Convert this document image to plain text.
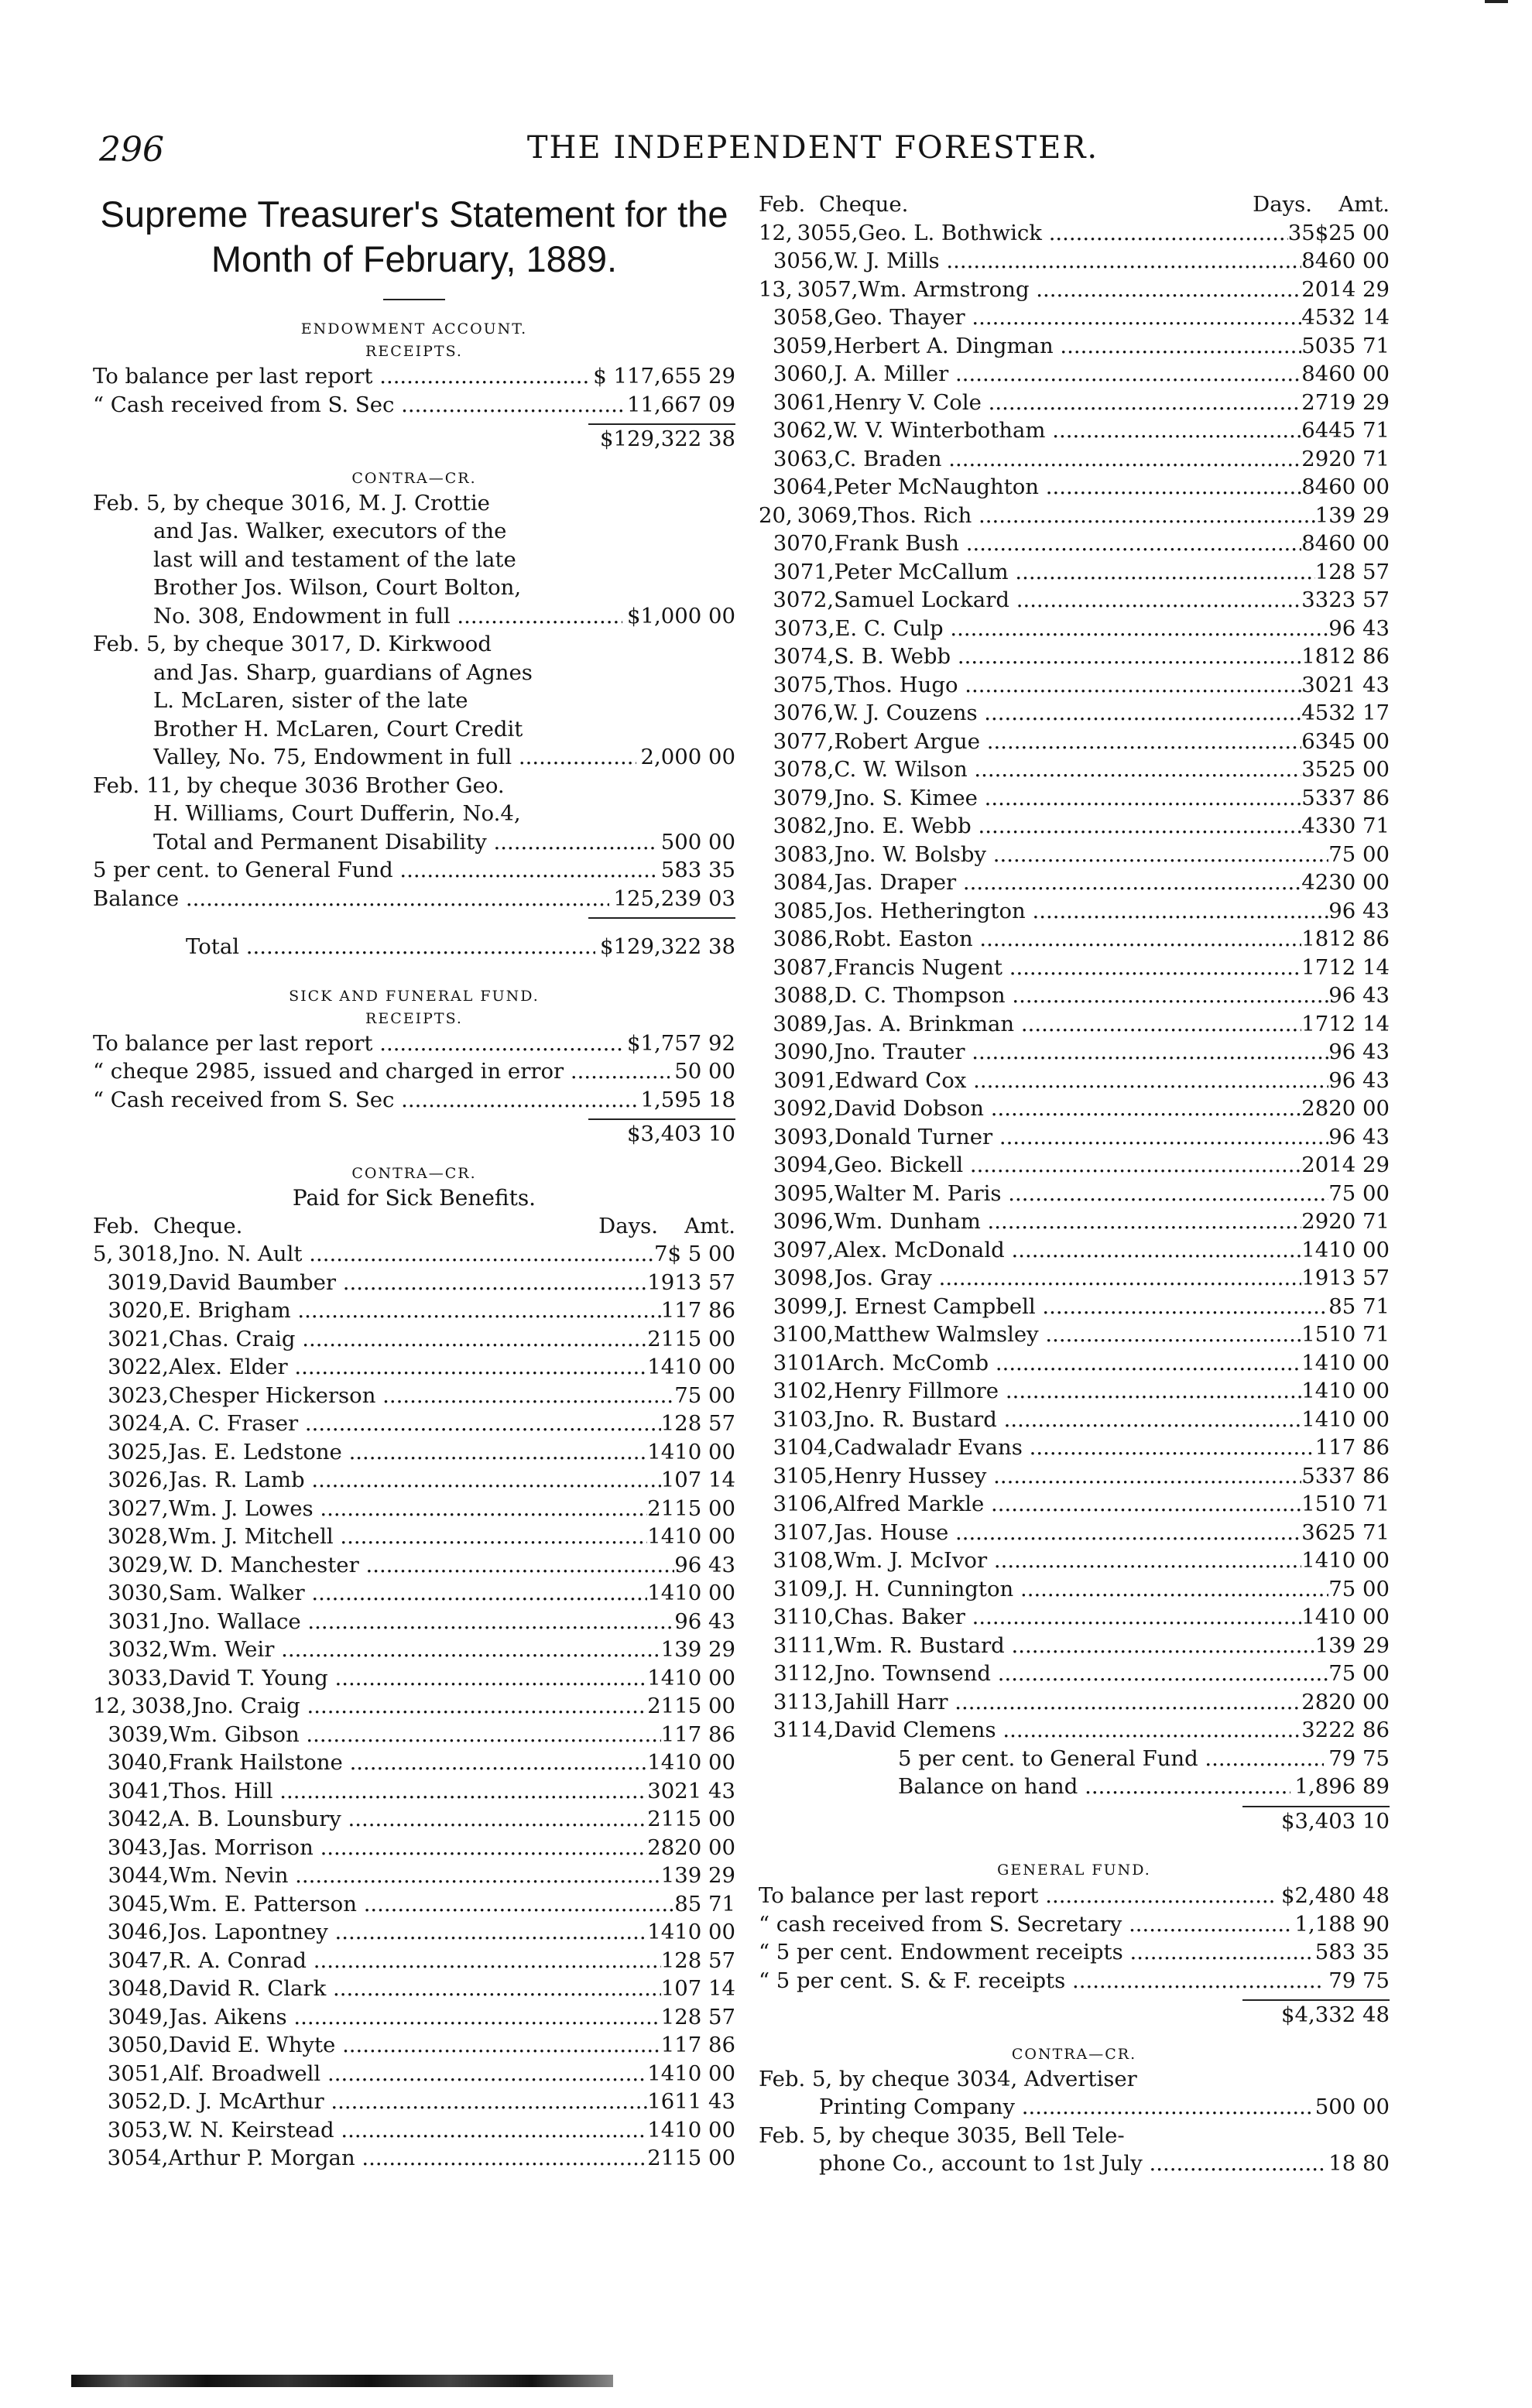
296	THE INDEPENDENT FORESTER.
Supreme Treasurer's Statement for the Month of February, 1889.
ENDOWMENT ACCOUNT.
RECEIPTS.
To balance per last report .....	$ 117,655 29
“ Cash received from S. Sec .....	11,667 09
$129,322 38
CONTRA—CR.
Feb. 5, by cheque 3016, M. J. Crottie
and Jas. Walker, executors of the
last will and testament of the late
Brother Jos. Wilson, Court Bolton,
No. 308, Endowment in full .....	$1,000 00
Feb. 5, by cheque 3017, D. Kirkwood
and Jas. Sharp, guardians of Agnes
L. McLaren, sister of the late
Brother H. McLaren, Court Credit
Valley, No. 75, Endowment in full .....	2,000 00
Feb. 11, by cheque 3036 Brother Geo.
H. Williams, Court Dufferin, No.4,
Total and Permanent Disability .....	500 00
5 per cent. to General Fund .....	583 35
Balance .....	125,239 03
Total .....	$129,322 38
SICK AND FUNERAL FUND.
RECEIPTS.
To balance per last report .....	$1,757 92
“ cheque 2985, issued and charged in error .....	50 00
“ Cash received from S. Sec .....	1,595 18
$3,403 10
CONTRA—CR.
Paid for Sick Benefits.
Feb. Cheque.	Days.	Amt.
5, 3018, Jno. N. Ault .....	7 $ 5 00
3019, David Baumber .....	19 13 57
3020, E. Brigham .....	11 7 86
3021, Chas. Craig .....	21 15 00
3022, Alex. Elder .....	14 10 00
3023, Chesper Hickerson .....	7 5 00
3024, A. C. Fraser .....	12 8 57
3025, Jas. E. Ledstone .....	14 10 00
3026, Jas. R. Lamb .....	10 7 14
3027, Wm. J. Lowes .....	21 15 00
3028, Wm. J. Mitchell .....	14 10 00
3029, W. D. Manchester .....	9 6 43
3030, Sam. Walker .....	14 10 00
3031, Jno. Wallace .....	9 6 43
3032, Wm. Weir .....	13 9 29
3033, David T. Young .....	14 10 00
12, 3038, Jno. Craig .....	21 15 00
3039, Wm. Gibson .....	11 7 86
3040, Frank Hailstone .....	14 10 00
3041, Thos. Hill .....	30 21 43
3042, A. B. Lounsbury .....	21 15 00
3043, Jas. Morrison .....	28 20 00
3044, Wm. Nevin .....	13 9 29
3045, Wm. E. Patterson .....	8 5 71
3046, Jos. Lapontney .....	14 10 00
3047, R. A. Conrad .....	12 8 57
3048, David R. Clark .....	10 7 14
3049, Jas. Aikens .....	12 8 57
3050, David E. Whyte .....	11 7 86
3051, Alf. Broadwell .....	14 10 00
3052, D. J. McArthur .....	16 11 43
3053, W. N. Keirstead .....	14 10 00
3054, Arthur P. Morgan .....	21 15 00
Feb. Cheque.	Days.	Amt.
12, 3055, Geo. L. Bothwick .....	35 $25 00
3056, W. J. Mills .....	84 60 00
13, 3057, Wm. Armstrong .....	20 14 29
3058, Geo. Thayer .....	45 32 14
3059, Herbert A. Dingman .....	50 35 71
3060, J. A. Miller .....	84 60 00
3061, Henry V. Cole .....	27 19 29
3062, W. V. Winterbotham .....	64 45 71
3063, C. Braden .....	29 20 71
3064, Peter McNaughton .....	84 60 00
20, 3069, Thos. Rich .....	13 9 29
3070, Frank Bush .....	84 60 00
3071, Peter McCallum .....	12 8 57
3072, Samuel Lockard .....	33 23 57
3073, E. C. Culp .....	9 6 43
3074, S. B. Webb .....	18 12 86
3075, Thos. Hugo .....	30 21 43
3076, W. J. Couzens .....	45 32 17
3077, Robert Argue .....	63 45 00
3078, C. W. Wilson .....	35 25 00
3079, Jno. S. Kimee .....	53 37 86
3082, Jno. E. Webb .....	43 30 71
3083, Jno. W. Bolsby .....	7 5 00
3084, Jas. Draper .....	42 30 00
3085, Jos. Hetherington .....	9 6 43
3086, Robt. Easton .....	18 12 86
3087, Francis Nugent .....	17 12 14
3088, D. C. Thompson .....	9 6 43
3089, Jas. A. Brinkman .....	17 12 14
3090, Jno. Trauter .....	9 6 43
3091, Edward Cox .....	9 6 43
3092, David Dobson .....	28 20 00
3093, Donald Turner .....	9 6 43
3094, Geo. Bickell .....	20 14 29
3095, Walter M. Paris .....	7 5 00
3096, Wm. Dunham .....	29 20 71
3097, Alex. McDonald .....	14 10 00
3098, Jos. Gray .....	19 13 57
3099, J. Ernest Campbell .....	8 5 71
3100, Matthew Walmsley .....	15 10 71
3101 Arch. McComb .....	14 10 00
3102, Henry Fillmore .....	14 10 00
3103, Jno. R. Bustard .....	14 10 00
3104, Cadwaladr Evans .....	11 7 86
3105, Henry Hussey .....	53 37 86
3106, Alfred Markle .....	15 10 71
3107, Jas. House .....	36 25 71
3108, Wm. J. McIvor .....	14 10 00
3109, J. H. Cunnington .....	7 5 00
3110, Chas. Baker .....	14 10 00
3111, Wm. R. Bustard .....	13 9 29
3112, Jno. Townsend .....	7 5 00
3113, Jahill Harr .....	28 20 00
3114, David Clemens .....	32 22 86
5 per cent. to General Fund .....	79 75
Balance on hand .....	1,896 89
$3,403 10
GENERAL FUND.
To balance per last report .....	$2,480 48
“ cash received from S. Secretary .....	1,188 90
“ 5 per cent. Endowment receipts .....	583 35
“ 5 per cent. S. & F. receipts .....	79 75
$4,332 48
CONTRA—CR.
Feb. 5, by cheque 3034, Advertiser
Printing Company .....	500 00
Feb. 5, by cheque 3035, Bell Tele-
phone Co., account to 1st July .....	18 80
